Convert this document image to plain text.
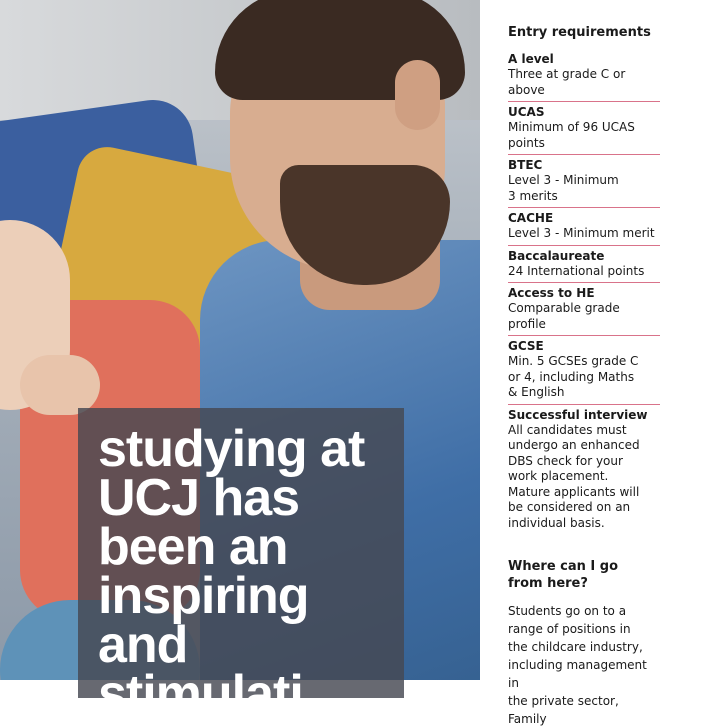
studying at UCJ has been an inspiring and stimulati

Entry requirements
A level
Three at grade C or above
UCAS
Minimum of 96 UCAS
points
BTEC
Level 3 - Minimum
3 merits
CACHE
Level 3 - Minimum merit
Baccalaureate
24 International points
Access to HE
Comparable grade
profile
GCSE
Min. 5 GCSEs grade C
or 4, including Maths
& English
Successful interview
All candidates must
undergo an enhanced
DBS check for your
work placement.
Mature applicants will
be considered on an
individual basis.
Where can I go
from here?

Students go on to a
range of positions in
the childcare industry,
including management in
the private sector, Family
